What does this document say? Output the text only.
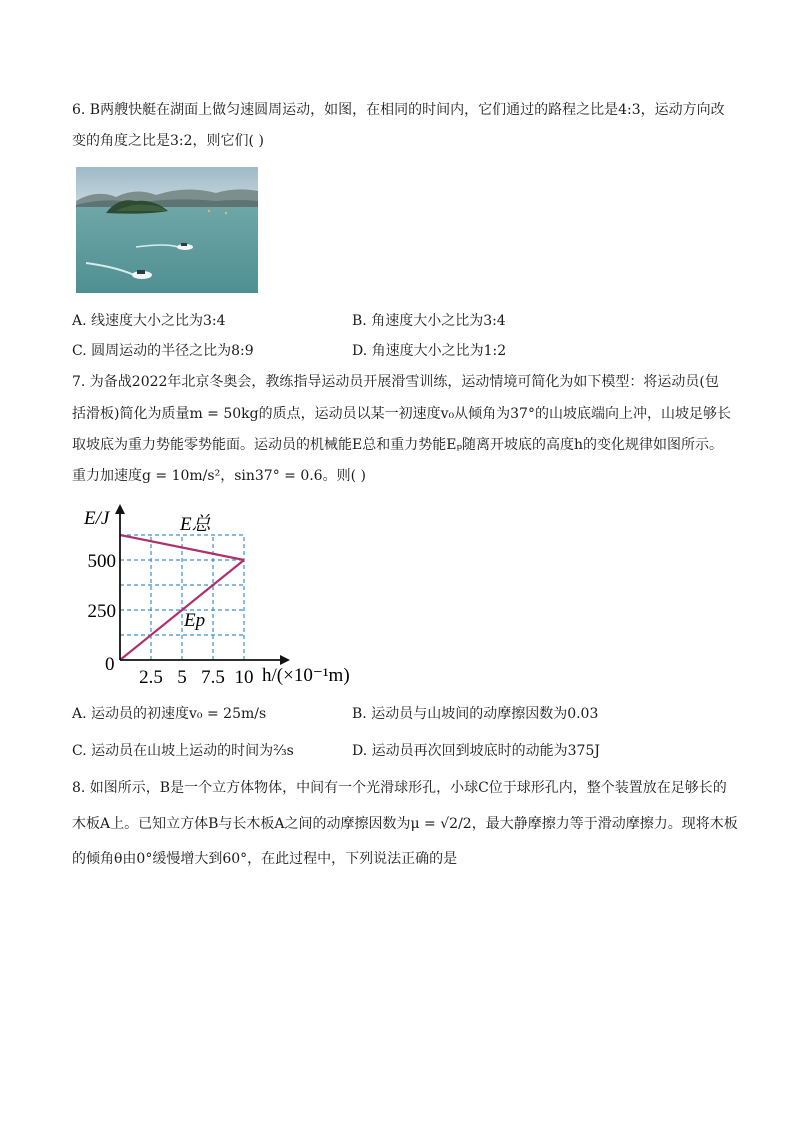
6. B两艘快艇在湖面上做匀速圆周运动，如图，在相同的时间内，它们通过的路程之比是4:3，运动方向改
变的角度之比是3:2，则它们( )
A. 线速度大小之比为3:4	B. 角速度大小之比为3:4
C. 圆周运动的半径之比为8:9	D. 角速度大小之比为1:2
7. 为备战2022年北京冬奥会，教练指导运动员开展滑雪训练，运动情境可简化为如下模型：将运动员(包
括滑板)简化为质量m = 50kg的质点，运动员以某一初速度v₀从倾角为37°的山坡底端向上冲，山坡足够长
取坡底为重力势能零势能面。运动员的机械能E总和重力势能Eₚ随离开坡底的高度h的变化规律如图所示。
重力加速度g = 10m/s²，sin37° = 0.6。则( )
E/J
h/(×10⁻¹m)
0
E总
Ep
2.5 5 7.5 10
250
500
A. 运动员的初速度v₀ = 25m/s	B. 运动员与山坡间的动摩擦因数为0.03
C. 运动员在山坡上运动的时间为⅔s	D. 运动员再次回到坡底时的动能为375J
8. 如图所示，B是一个立方体物体，中间有一个光滑球形孔，小球C位于球形孔内，整个装置放在足够长的
木板A上。已知立方体B与长木板A之间的动摩擦因数为μ = √2/2，最大静摩擦力等于滑动摩擦力。现将木板
的倾角θ由0°缓慢增大到60°，在此过程中，下列说法正确的是
